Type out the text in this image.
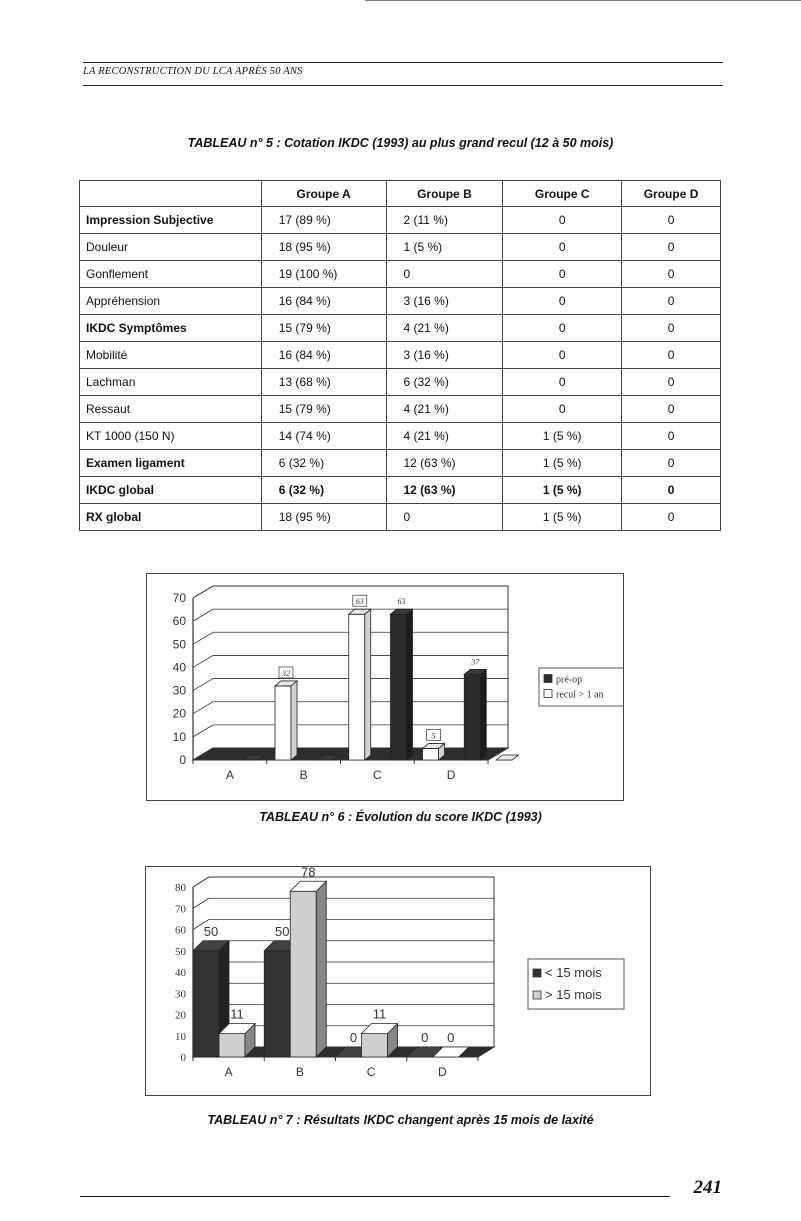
LA RECONSTRUCTION DU LCA APRÈS 50 ANS
TABLEAU n° 5 : Cotation IKDC (1993) au plus grand recul (12 à 50 mois)
	Groupe A	Groupe B	Groupe C	Groupe D
Impression Subjective	17 (89 %)	2 (11 %)	0	0
Douleur	18 (95 %)	1 (5 %)	0	0
Gonflement	19 (100 %)	0	0	0
Appréhension	16 (84 %)	3 (16 %)	0	0
IKDC Symptômes	15 (79 %)	4 (21 %)	0	0
Mobilité	16 (84 %)	3 (16 %)	0	0
Lachman	13 (68 %)	6 (32 %)	0	0
Ressaut	15 (79 %)	4 (21 %)	0	0
KT 1000 (150 N)	14 (74 %)	4 (21 %)	1 (5 %)	0
Examen ligament	6 (32 %)	12 (63 %)	1 (5 %)	0
IKDC global	6 (32 %)	12 (63 %)	1 (5 %)	0
RX global	18 (95 %)	0	1 (5 %)	0
0
10
20
30
40
50
60
70
32
A
63
B
63
5
C
37
D
pré-op
recul > 1 an
TABLEAU n° 6 : Évolution du score IKDC (1993)
0
10
20
30
40
50
60
70
80
50
11
A
50
78
B
0
11
C
0 0
D
< 15 mois
> 15 mois
TABLEAU n° 7 : Résultats IKDC changent après 15 mois de laxité
241
